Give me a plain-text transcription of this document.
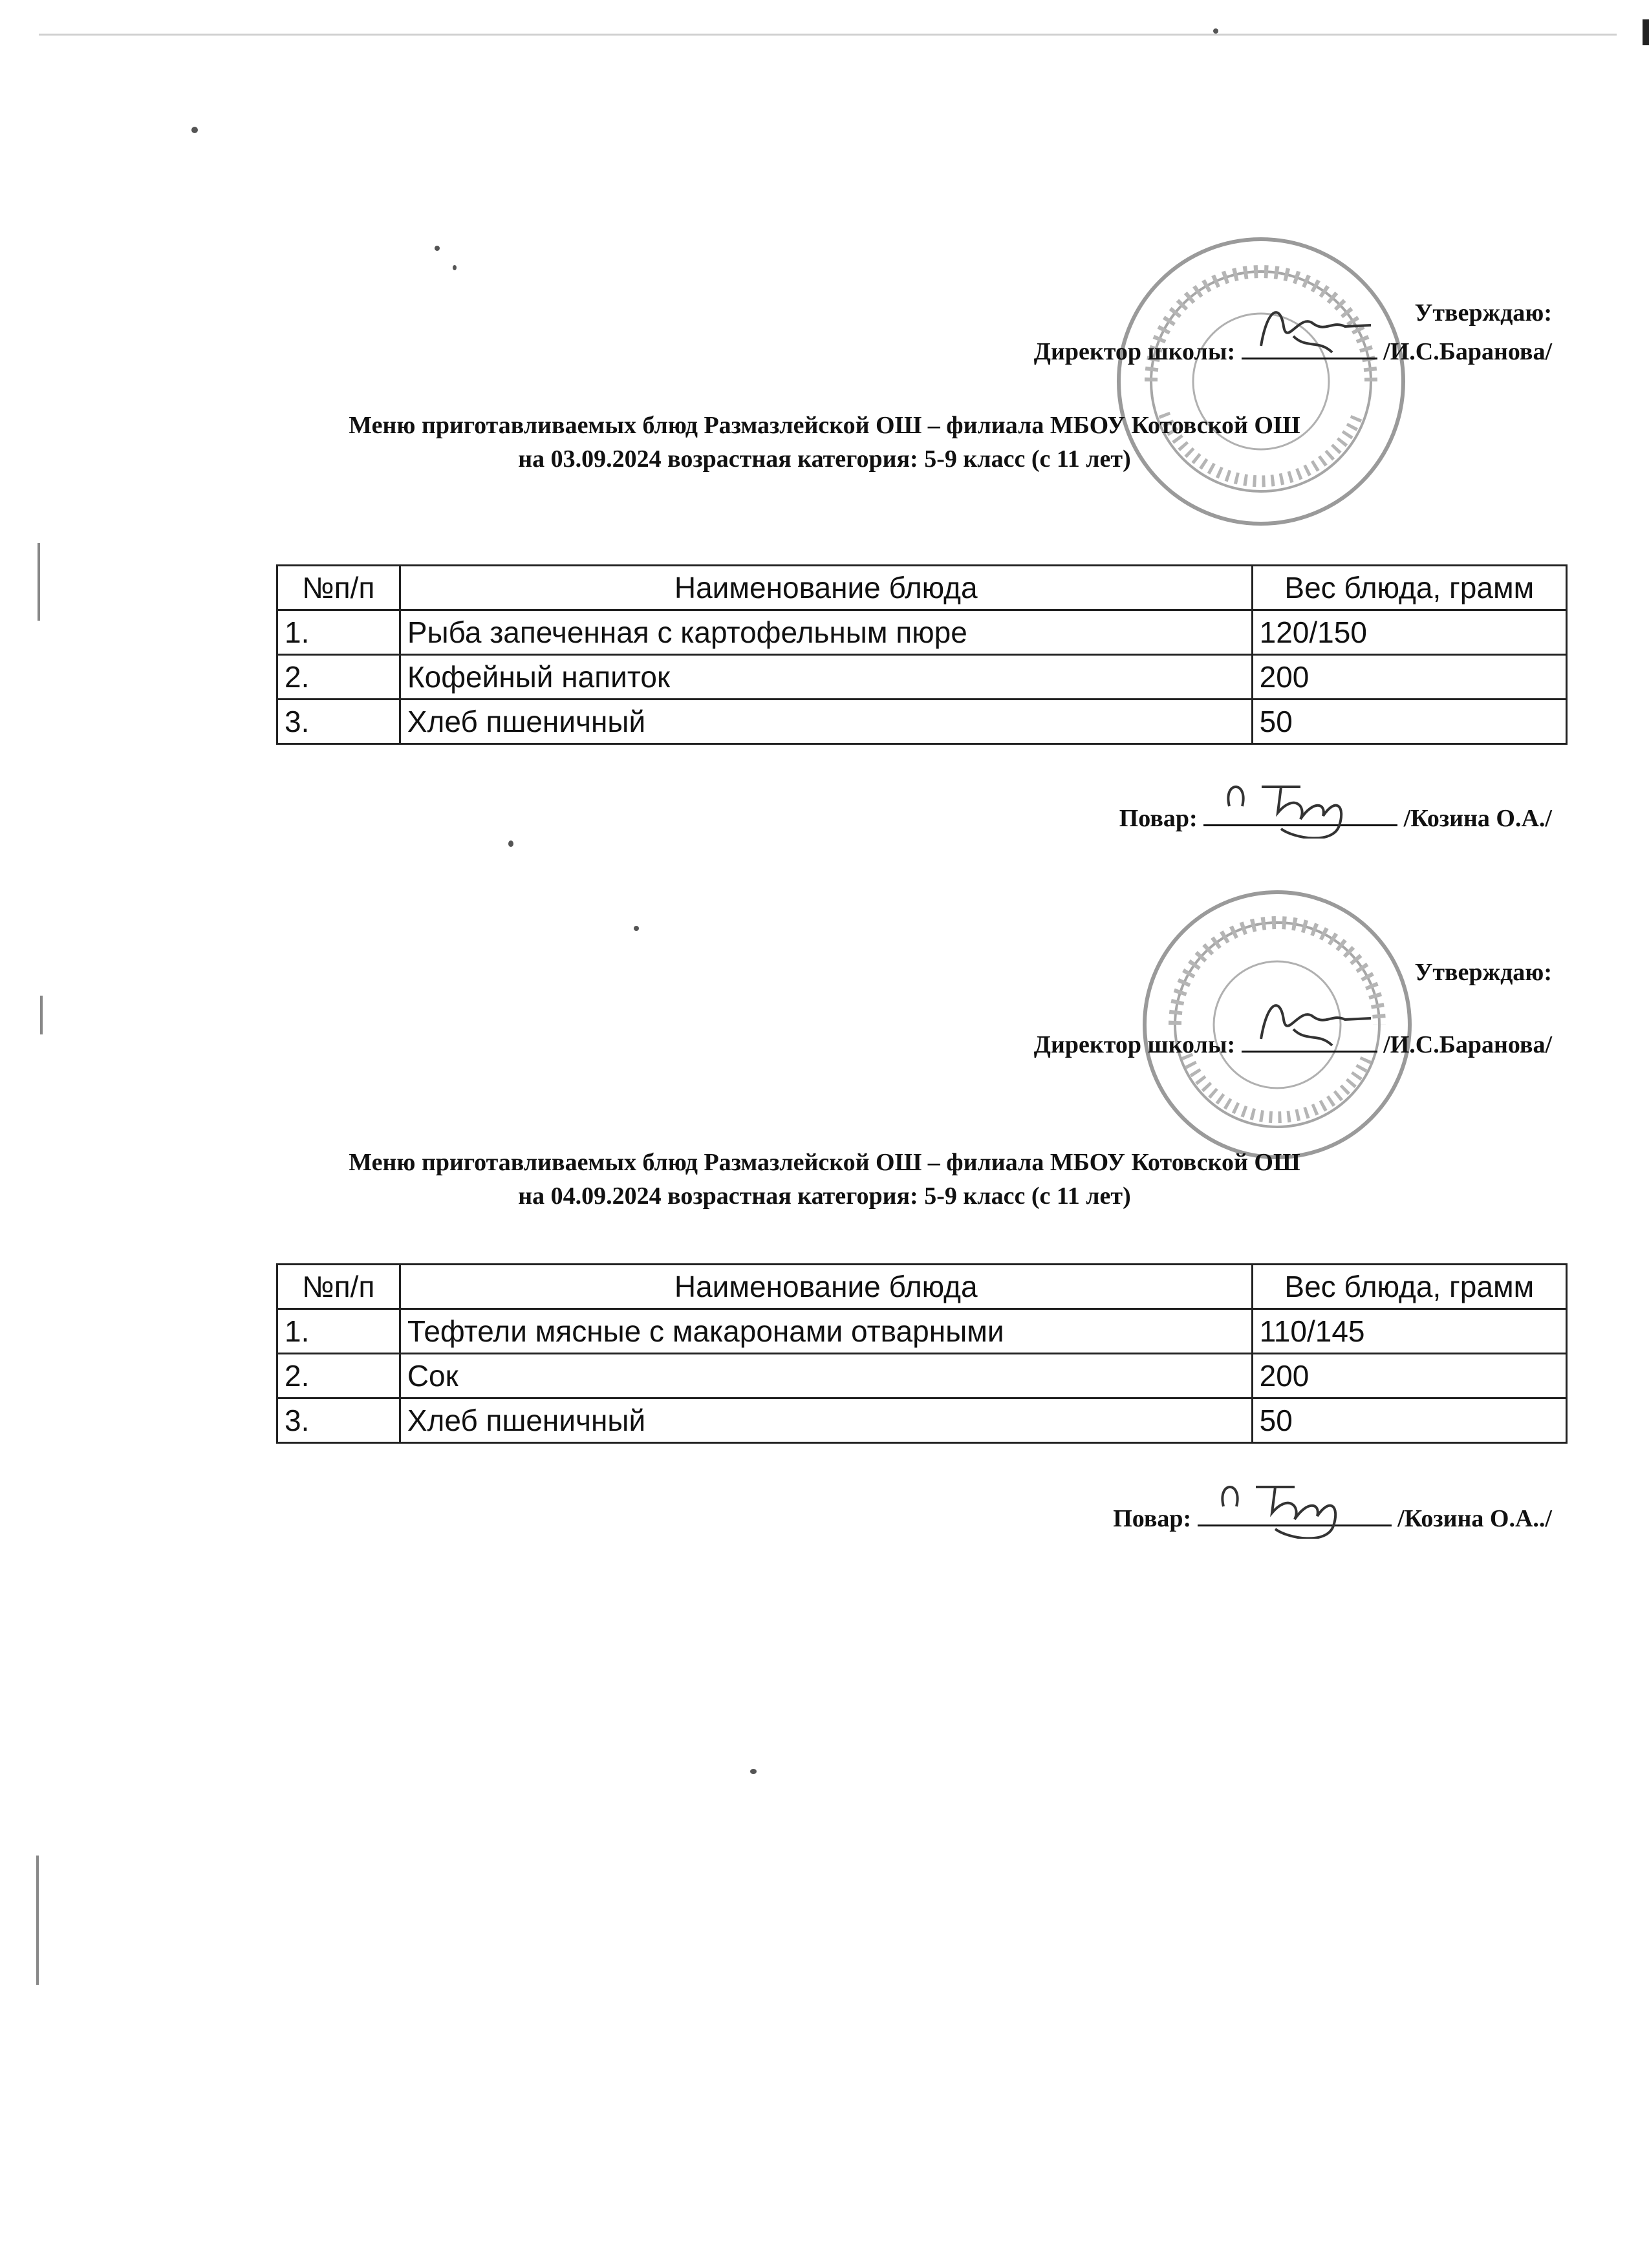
Утверждаю:
Директор школы:	/И.С.Баранова/
Меню приготавливаемых блюд Размазлейской ОШ – филиала МБОУ Котовской ОШ
на 03.09.2024 возрастная категория: 5-9 класс (с 11 лет)
№п/п	Наименование блюда	Вес блюда, грамм
1.	Рыба запеченная с картофельным пюре	120/150
2.	Кофейный напиток	200
3.	Хлеб пшеничный	50
Повар:	/Козина О.А./
Утверждаю:
Директор школы:	/И.С.Баранова/
Меню приготавливаемых блюд Размазлейской ОШ – филиала МБОУ Котовской ОШ
на 04.09.2024 возрастная категория: 5-9 класс (с 11 лет)
№п/п	Наименование блюда	Вес блюда, грамм
1.	Тефтели мясные с макаронами отварными	110/145
2.	Сок	200
3.	Хлеб пшеничный	50
Повар:	/Козина О.А../
